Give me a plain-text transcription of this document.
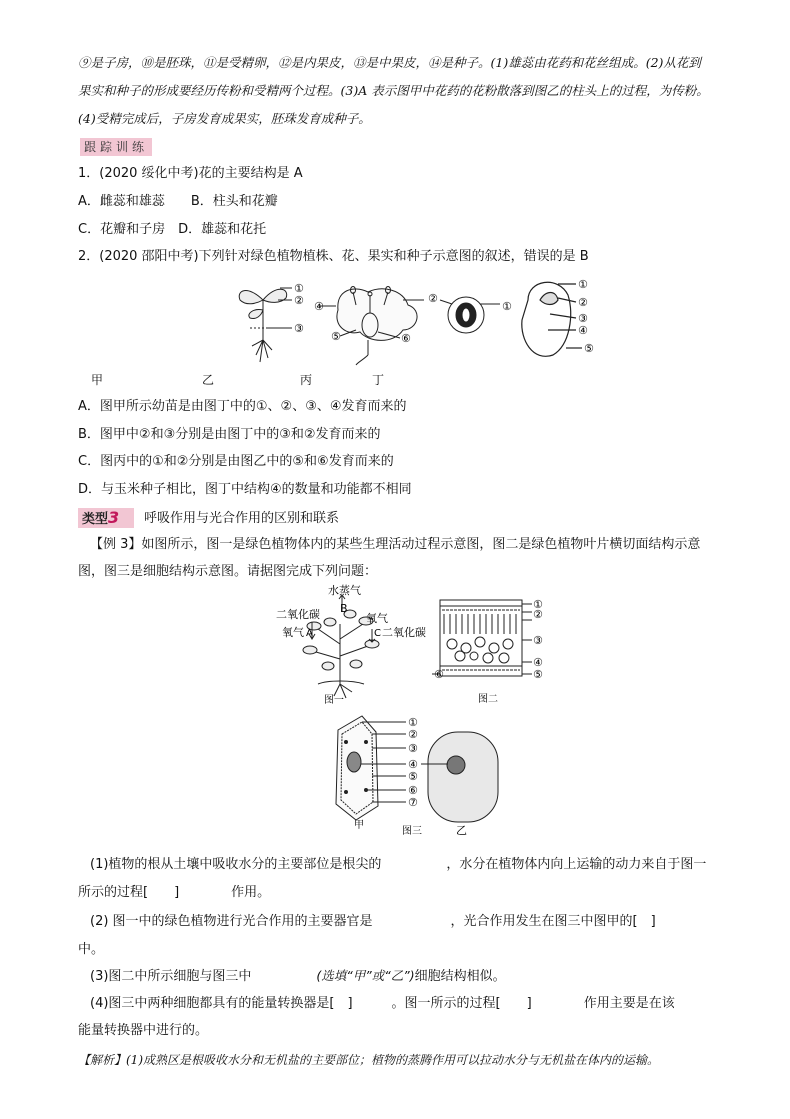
⑨是子房，⑩是胚珠，⑪是受精卵，⑫是内果皮，⑬是中果皮，⑭是种子。(1)雄蕊由花药和花丝组成。(2)从花到
果实和种子的形成要经历传粉和受精两个过程。(3)A 表示图甲中花药的花粉散落到图乙的柱头上的过程，为传粉。
(4)受精完成后，子房发育成果实，胚珠发育成种子。
跟踪训练
1．(2020 绥化中考)花的主要结构是 A
A．雌蕊和雄蕊　　B．柱头和花瓣
C．花瓣和子房　D．雄蕊和花托
2．(2020 邵阳中考)下列针对绿色植物植株、花、果实和种子示意图的叙述，错误的是 B
①
②
③
④
⑤	⑥
②
①
①
②
③
④
⑤
甲	乙	丙	丁
A．图甲所示幼苗是由图丁中的①、②、③、④发育而来的
B．图甲中②和③分别是由图丁中的③和②发育而来的
C．图丙中的①和②分别是由图乙中的⑤和⑥发育而来的
D．与玉米种子相比，图丁中结构④的数量和功能都不相同
类型3	呼吸作用与光合作用的区别和联系
【例 3】如图所示，图一是绿色植物体内的某些生理活动过程示意图，图二是绿色植物叶片横切面结构示意
图，图三是细胞结构示意图。请据图完成下列问题：
水蒸气
二氧化碳 B
氧气 A
氧气
C 二氧化碳
图一
①
②
③
④
⑤
⑥
图二
①
②
③
④
⑤
⑥
⑦
甲
图三	乙
(1)植物的根从土壤中吸收水分的主要部位是根尖的　　　　　，水分在植物体内向上运输的动力来自于图一
所示的过程[　　]　　　　作用。
(2) 图一中的绿色植物进行光合作用的主要器官是　　　　　　，光合作用发生在图三中图甲的[　]
中。
(3)图二中所示细胞与图三中　　　　　(选填“甲”或“乙”)细胞结构相似。
(4)图三中两种细胞都具有的能量转换器是[　]　　　。图一所示的过程[　　]　　　　作用主要是在该
能量转换器中进行的。
【解析】(1)成熟区是根吸收水分和无机盐的主要部位；植物的蒸腾作用可以拉动水分与无机盐在体内的运输。
